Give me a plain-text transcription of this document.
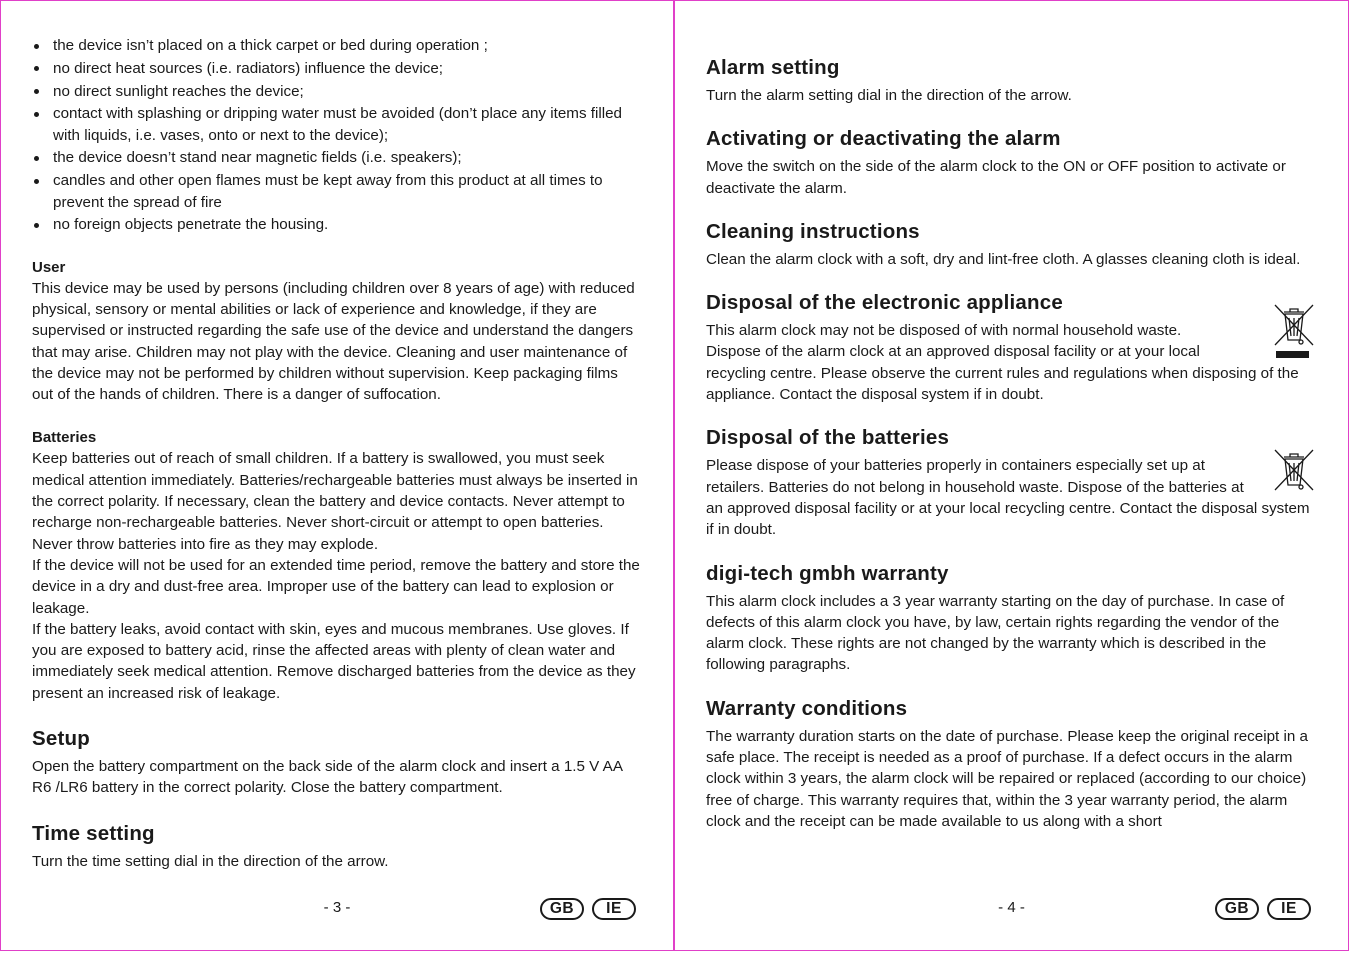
the device isn’t placed on a thick carpet or bed during operation ;
no direct heat sources (i.e. radiators) influence the device;
no direct sunlight reaches the device;
contact with splashing or dripping water must be avoided (don’t place any items filled with liquids, i.e. vases, onto or next to the device);
the device doesn’t stand near magnetic fields (i.e. speakers);
candles and other open flames must be kept away from this product at all times to prevent the spread of fire
no foreign objects penetrate the housing.
User

This device may be used by persons (including children over 8 years of age) with reduced physical, sensory or mental abilities or lack of experience and knowledge, if they are supervised or instructed regarding the safe use of the device and understand the dangers that may arise. Children may not play with the device. Cleaning and user maintenance of the device may not be performed by children without supervision. Keep packaging films out of the hands of children. There is a danger of suffocation.

Batteries

Keep batteries out of reach of small children. If a battery is swallowed, you must seek medical attention immediately. Batteries/rechargeable batteries must always be inserted in the correct polarity. If necessary, clean the battery and device contacts. Never attempt to recharge non-rechargeable batteries. Never short-circuit or attempt to open batteries. Never throw batteries into fire as they may explode.

If the device will not be used for an extended time period, remove the battery and store the device in a dry and dust-free area. Improper use of the battery can lead to explosion or leakage.

If the battery leaks, avoid contact with skin, eyes and mucous membranes. Use gloves. If you are exposed to battery acid, rinse the affected areas with plenty of clean water and immediately seek medical attention. Remove discharged batteries from the device as they present an increased risk of leakage.

Setup

Open the battery compartment on the back side of the alarm clock and insert a 1.5 V AA R6 /LR6 battery in the correct polarity. Close the battery compartment.

Time setting

Turn the time setting dial in the direction of the arrow.

- 3 -	GB	IE
Alarm setting

Turn the alarm setting dial in the direction of the arrow.

Activating or deactivating the alarm

Move the switch on the side of the alarm clock to the ON or OFF position to activate or deactivate the alarm.

Cleaning instructions

Clean the alarm clock with a soft, dry and lint-free cloth. A glasses cleaning cloth is ideal.

Disposal of the electronic appliance

This alarm clock may not be disposed of with normal household waste.

Dispose of the alarm clock at an approved disposal facility or at your local recycling centre. Please observe the current rules and regulations when disposing of the appliance. Contact the disposal system if in doubt.

Disposal of the batteries

Please dispose of your batteries properly in containers especially set up at retailers. Batteries do not belong in household waste. Dispose of the batteries at an approved disposal facility or at your local recycling centre. Contact the disposal system if in doubt.

digi-tech gmbh warranty

This alarm clock includes a 3 year warranty starting on the day of purchase. In case of defects of this alarm clock you have, by law, certain rights regarding the vendor of the alarm clock. These rights are not changed by the warranty which is described in the following paragraphs.

Warranty conditions

The warranty duration starts on the date of purchase. Please keep the original receipt in a safe place. The receipt is needed as a proof of purchase. If a defect occurs in the alarm clock within 3 years, the alarm clock will be repaired or replaced (according to our choice) free of charge. This warranty requires that, within the 3 year warranty period, the alarm clock and the receipt can be made available to us along with a short

- 4 -	GB	IE
